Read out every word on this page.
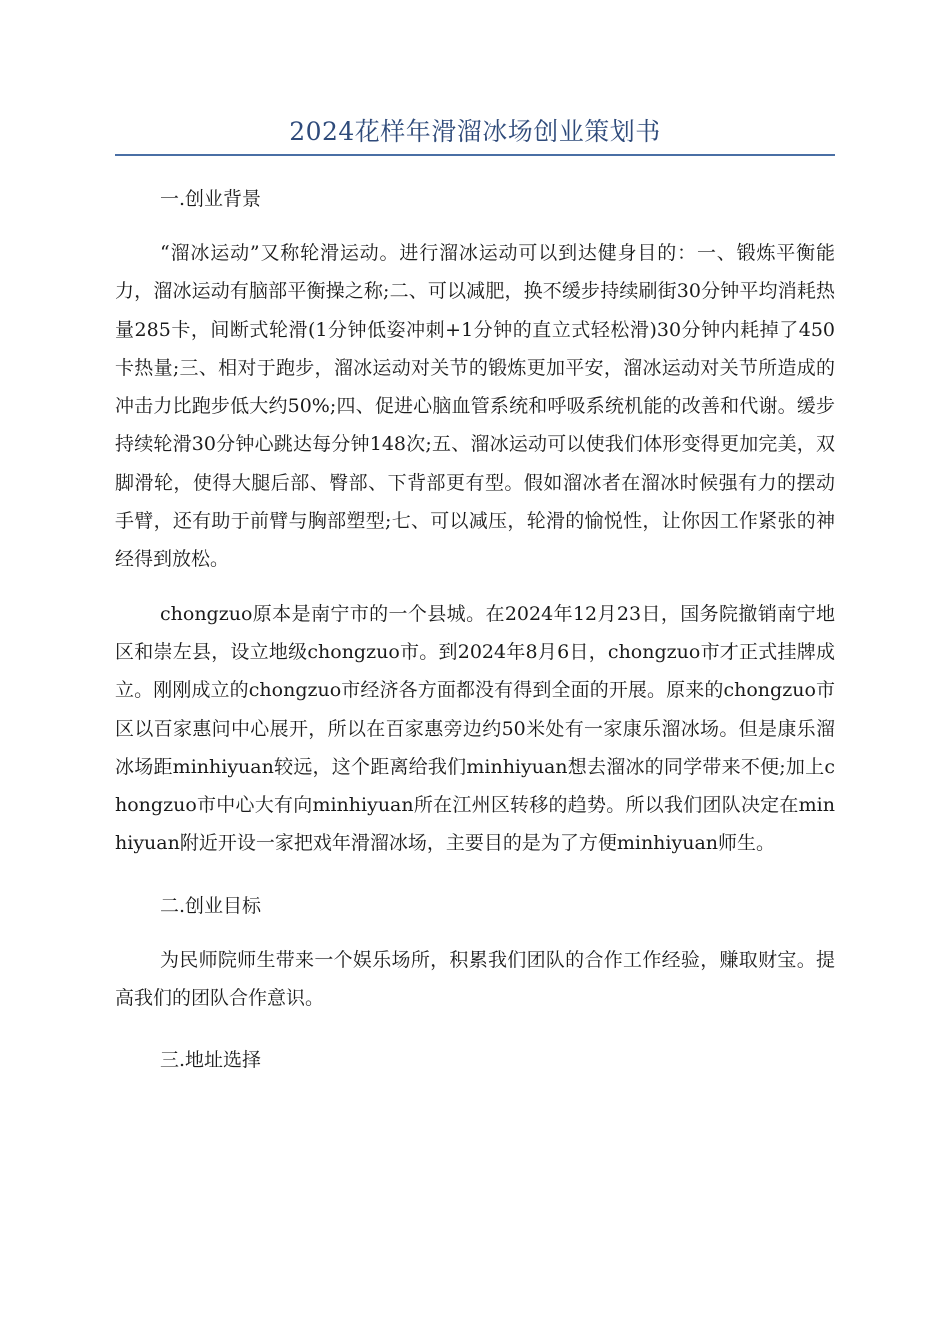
2024花样年滑溜冰场创业策划书

一.创业背景

“溜冰运动”又称轮滑运动。进行溜冰运动可以到达健身目的：一、锻炼平衡能力，溜冰运动有脑部平衡操之称;二、可以减肥，换不缓步持续刷街30分钟平均消耗热量285卡，间断式轮滑(1分钟低姿冲刺+1分钟的直立式轻松滑)30分钟内耗掉了450卡热量;三、相对于跑步，溜冰运动对关节的锻炼更加平安，溜冰运动对关节所造成的冲击力比跑步低大约50%;四、促进心脑血管系统和呼吸系统机能的改善和代谢。缓步持续轮滑30分钟心跳达每分钟148次;五、溜冰运动可以使我们体形变得更加完美，双脚滑轮，使得大腿后部、臀部、下背部更有型。假如溜冰者在溜冰时候强有力的摆动手臂，还有助于前臂与胸部塑型;七、可以减压，轮滑的愉悦性，让你因工作紧张的神经得到放松。

chongzuo原本是南宁市的一个县城。在2024年12月23日，国务院撤销南宁地区和崇左县，设立地级chongzuo市。到2024年8月6日，chongzuo市才正式挂牌成立。刚刚成立的chongzuo市经济各方面都没有得到全面的开展。原来的chongzuo市区以百家惠问中心展开，所以在百家惠旁边约50米处有一家康乐溜冰场。但是康乐溜冰场距minhiyuan较远，这个距离给我们minhiyuan想去溜冰的同学带来不便;加上chongzuo市中心大有向minhiyuan所在江州区转移的趋势。所以我们团队决定在minhiyuan附近开设一家把戏年滑溜冰场，主要目的是为了方便minhiyuan师生。

二.创业目标

为民师院师生带来一个娱乐场所，积累我们团队的合作工作经验，赚取财宝。提高我们的团队合作意识。

三.地址选择
